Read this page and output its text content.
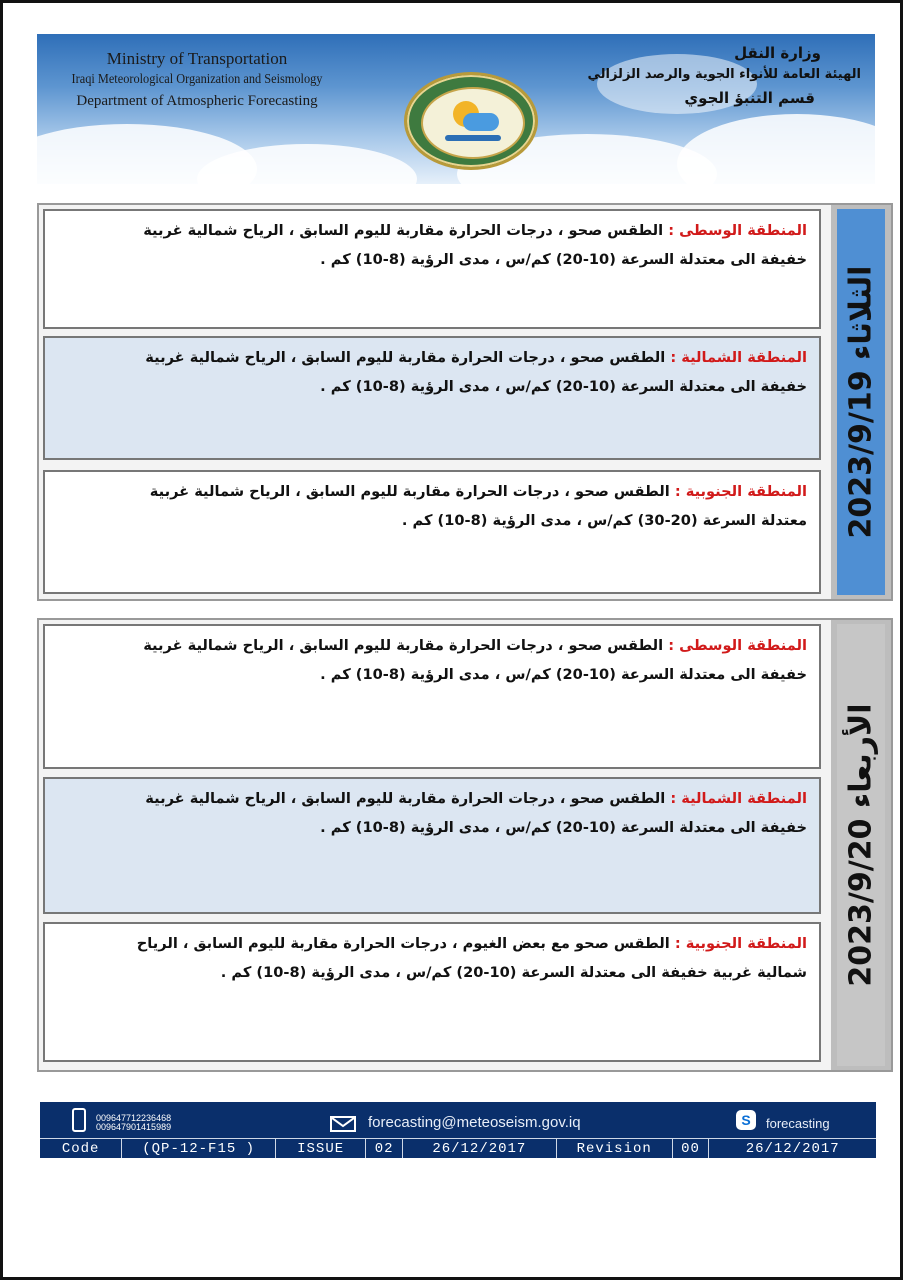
Ministry of Transportation
Iraqi Meteorological Organization and Seismology
Department of Atmospheric Forecasting
وزارة النقل
الهيئة العامة للأنواء الجوية والرصد الزلزالي
قسم التنبؤ الجوي
الثلاثاء 2023/9/19
المنطقة الوسطى : الطقس صحو ، درجات الحرارة مقاربة لليوم السابق ، الرياح شمالية غربية
خفيفة الى معتدلة السرعة (10-20) كم/س ، مدى الرؤية (8-10) كم .
المنطقة الشمالية : الطقس صحو ، درجات الحرارة مقاربة لليوم السابق ، الرياح شمالية غربية
خفيفة الى معتدلة السرعة (10-20) كم/س ، مدى الرؤية (8-10) كم .
المنطقة الجنوبية : الطقس صحو ، درجات الحرارة مقاربة لليوم السابق ، الرياح شمالية غربية
معتدلة السرعة (20-30) كم/س ، مدى الرؤية (8-10) كم .
الأربعاء 2023/9/20
المنطقة الوسطى : الطقس صحو ، درجات الحرارة مقاربة لليوم السابق ، الرياح شمالية غربية
خفيفة الى معتدلة السرعة (10-20) كم/س ، مدى الرؤية (8-10) كم .
المنطقة الشمالية : الطقس صحو ، درجات الحرارة مقاربة لليوم السابق ، الرياح شمالية غربية
خفيفة الى معتدلة السرعة (10-20) كم/س ، مدى الرؤية (8-10) كم .
المنطقة الجنوبية : الطقس صحو مع بعض الغيوم ، درجات الحرارة مقاربة لليوم السابق ، الرياح
شمالية غربية خفيفة الى معتدلة السرعة (10-20) كم/س ، مدى الرؤية (8-10) كم .
009647712236468
009647901415989	forecasting@meteoseism.gov.iq	S	forecasting
Code	(QP-12-F15 )	ISSUE	02	26/12/2017	Revision	00	26/12/2017
